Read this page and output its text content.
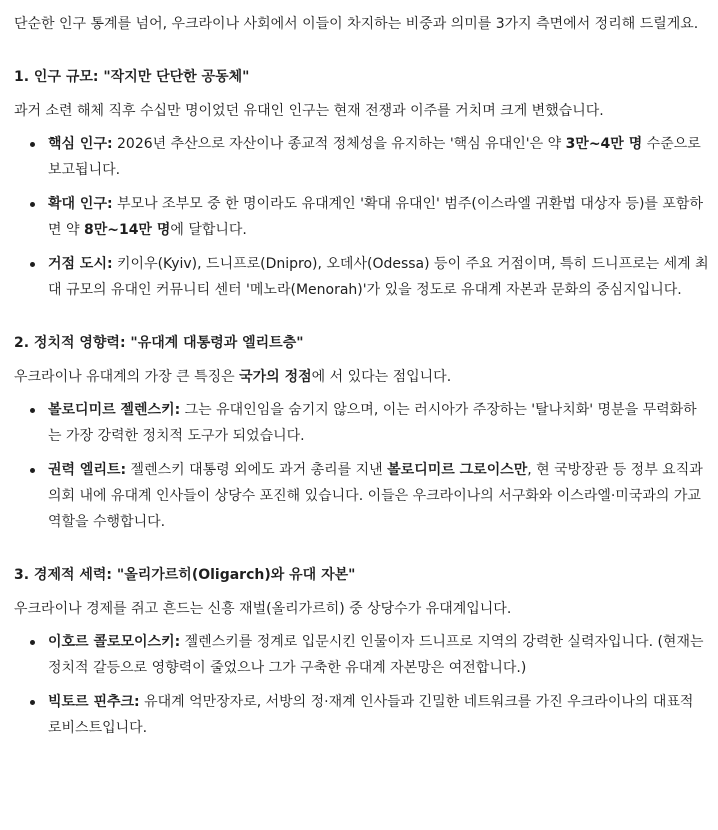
단순한 인구 통계를 넘어, 우크라이나 사회에서 이들이 차지하는 비중과 의미를 3가지 측면에서 정리해 드릴게요.

1. 인구 규모: "작지만 단단한 공동체"

과거 소련 해체 직후 수십만 명이었던 유대인 인구는 현재 전쟁과 이주를 거치며 크게 변했습니다.

핵심 인구: 2026년 추산으로 자산이나 종교적 정체성을 유지하는 '핵심 유대인'은 약 3만~4만 명 수준으로 보고됩니다.
확대 인구: 부모나 조부모 중 한 명이라도 유대계인 '확대 유대인' 범주(이스라엘 귀환법 대상자 등)를 포함하면 약 8만~14만 명에 달합니다.
거점 도시: 키이우(Kyiv), 드니프로(Dnipro), 오데사(Odessa) 등이 주요 거점이며, 특히 드니프로는 세계 최대 규모의 유대인 커뮤니티 센터 '메노라(Menorah)'가 있을 정도로 유대계 자본과 문화의 중심지입니다.

2. 정치적 영향력: "유대계 대통령과 엘리트층"

우크라이나 유대계의 가장 큰 특징은 국가의 정점에 서 있다는 점입니다.

볼로디미르 젤렌스키: 그는 유대인임을 숨기지 않으며, 이는 러시아가 주장하는 '탈나치화' 명분을 무력화하는 가장 강력한 정치적 도구가 되었습니다.
권력 엘리트: 젤렌스키 대통령 외에도 과거 총리를 지낸 볼로디미르 그로이스만, 현 국방장관 등 정부 요직과 의회 내에 유대계 인사들이 상당수 포진해 있습니다. 이들은 우크라이나의 서구화와 이스라엘·미국과의 가교 역할을 수행합니다.

3. 경제적 세력: "올리가르히(Oligarch)와 유대 자본"

우크라이나 경제를 쥐고 흔드는 신흥 재벌(올리가르히) 중 상당수가 유대계입니다.

이호르 콜로모이스키: 젤렌스키를 정계로 입문시킨 인물이자 드니프로 지역의 강력한 실력자입니다. (현재는 정치적 갈등으로 영향력이 줄었으나 그가 구축한 유대계 자본망은 여전합니다.)
빅토르 핀추크: 유대계 억만장자로, 서방의 정·재계 인사들과 긴밀한 네트워크를 가진 우크라이나의 대표적 로비스트입니다.
